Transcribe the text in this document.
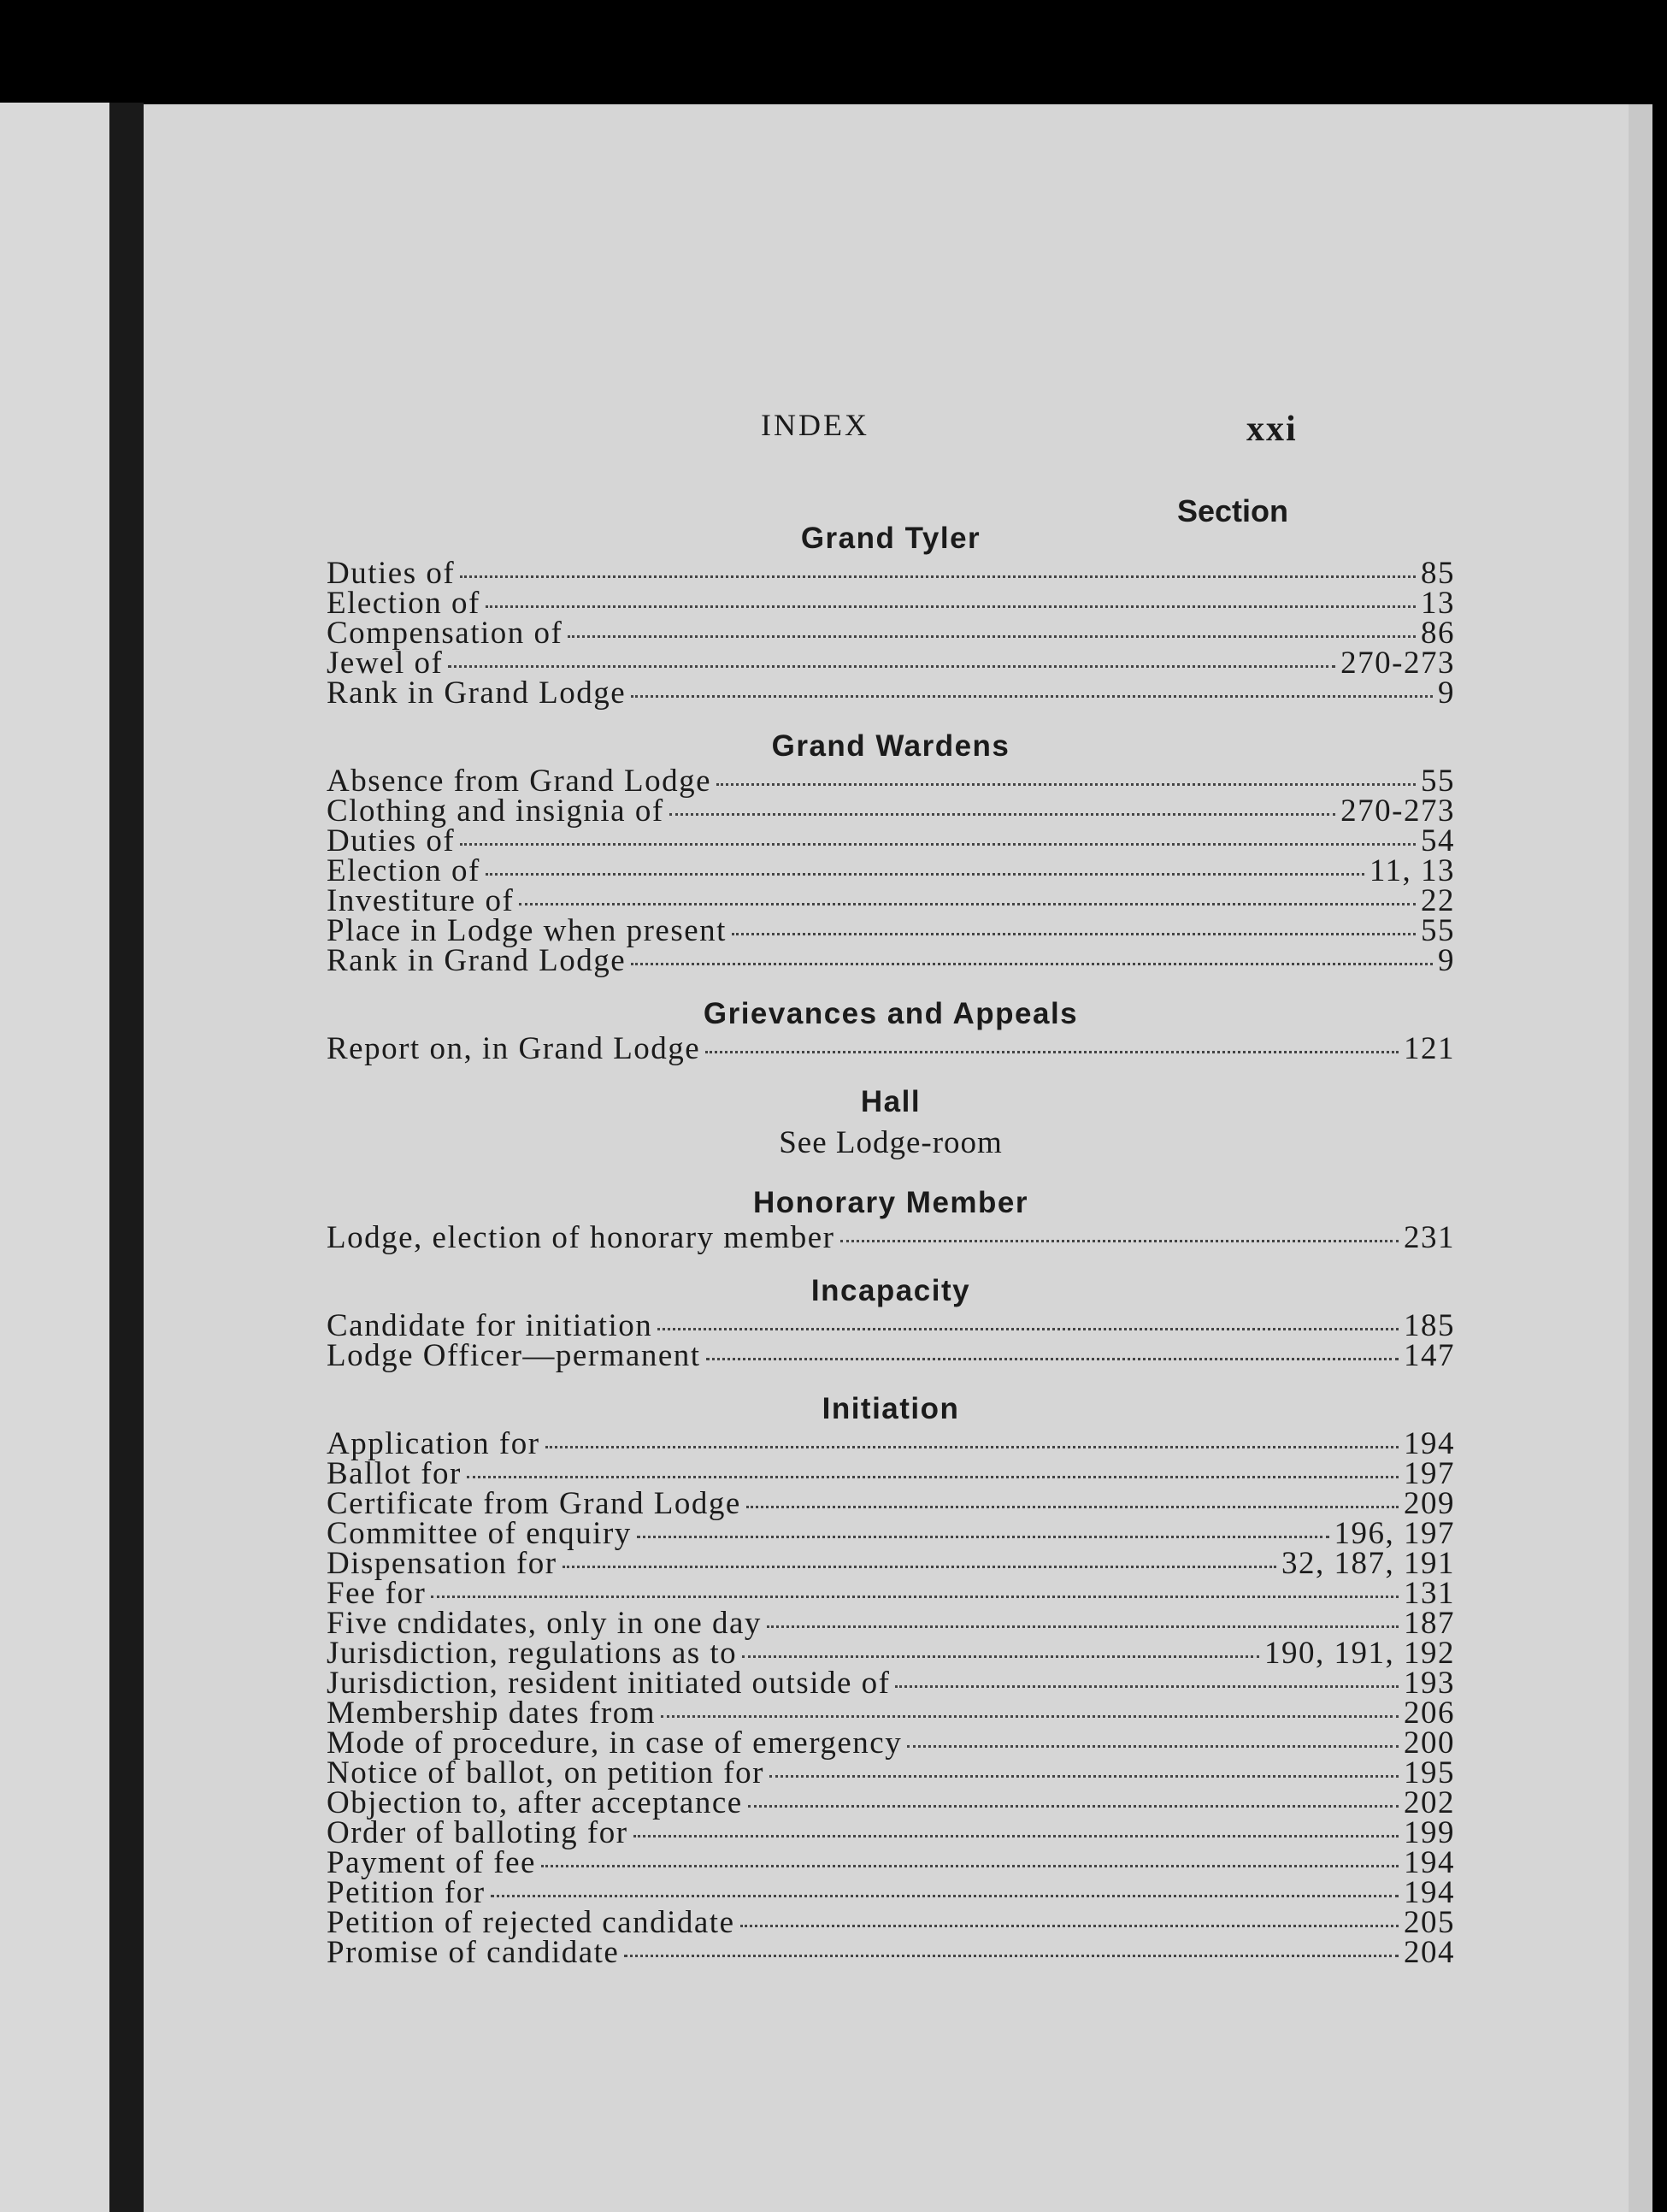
INDEX	xxi
Section
Grand Tyler
Duties of	85
Election of	13
Compensation of	86
Jewel of	270-273
Rank in Grand Lodge	9
Grand Wardens
Absence from Grand Lodge	55
Clothing and insignia of	270-273
Duties of	54
Election of	11, 13
Investiture of	22
Place in Lodge when present	55
Rank in Grand Lodge	9
Grievances and Appeals
Report on, in Grand Lodge	121
Hall
See Lodge-room
Honorary Member
Lodge, election of honorary member	231
Incapacity
Candidate for initiation	185
Lodge Officer—permanent	147
Initiation
Application for	194
Ballot for	197
Certificate from Grand Lodge	209
Committee of enquiry	196, 197
Dispensation for	32, 187, 191
Fee for	131
Five cndidates, only in one day	187
Jurisdiction, regulations as to	190, 191, 192
Jurisdiction, resident initiated outside of	193
Membership dates from	206
Mode of procedure, in case of emergency	200
Notice of ballot, on petition for	195
Objection to, after acceptance	202
Order of balloting for	199
Payment of fee	194
Petition for	194
Petition of rejected candidate	205
Promise of candidate	204
